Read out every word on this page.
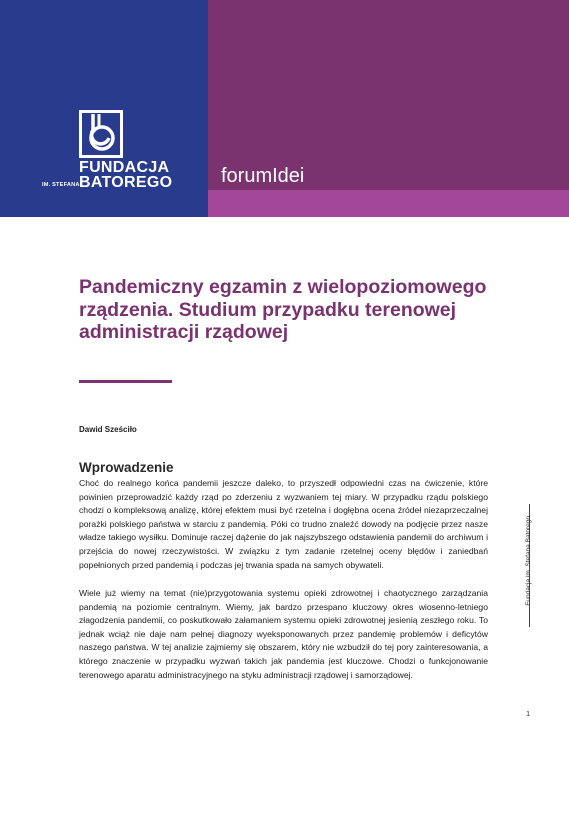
FUNDACJA
BATOREGO
IM. STEFANA	forumIdei
Pandemiczny egzamin z wielopoziomowego rządzenia. Studium przypadku terenowej administracji rządowej
Dawid Sześciło
Wprowadzenie

Choć do realnego końca pandemii jeszcze daleko, to przyszedł odpowiedni czas na ćwiczenie, które powinien przeprowadzić każdy rząd po zderzeniu z wyzwaniem tej miary. W przypadku rządu polskiego chodzi o kompleksową analizę, której efektem musi być rzetelna i dogłębna ocena źródeł niezaprzeczalnej porażki polskiego państwa w starciu z pandemią. Póki co trudno znaleźć dowody na podjęcie przez nasze władze takiego wysiłku. Dominuje raczej dążenie do jak najszybszego odstawienia pandemii do archiwum i przejścia do nowej rzeczywistości. W związku z tym zadanie rzetelnej oceny błędów i zaniedbań popełnionych przed pandemią i podczas jej trwania spada na samych obywateli.

Wiele już wiemy na temat (nie)przygotowania systemu opieki zdrowotnej i chaotycznego zarządzania pandemią na poziomie centralnym. Wiemy, jak bardzo przespano kluczowy okres wiosenno-letniego złagodzenia pandemii, co poskutkowało załamaniem systemu opieki zdrowotnej jesienią zeszłego roku. To jednak wciąż nie daje nam pełnej diagnozy wyeksponowanych przez pandemię problemów i deficytów naszego państwa. W tej analizie zajmiemy się obszarem, który nie wzbudził do tej pory zainteresowania, a którego znaczenie w przypadku wyzwań takich jak pandemia jest kluczowe. Chodzi o funkcjonowanie terenowego aparatu administracyjnego na styku administracji rządowej i samorządowej.

Fundacja im. Stefana Batorego
1
